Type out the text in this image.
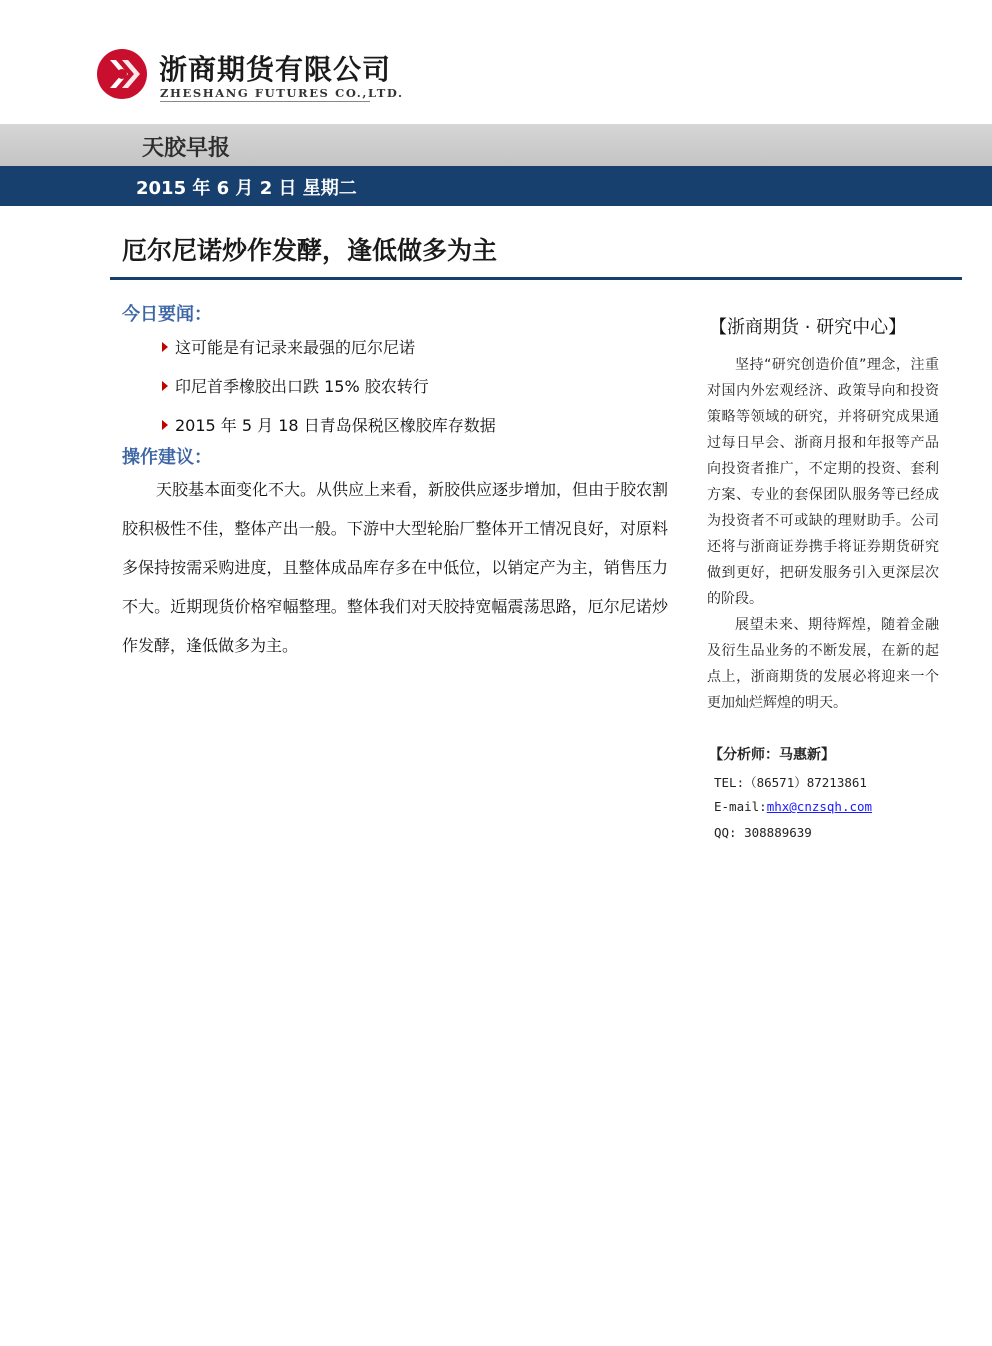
浙商期货有限公司
ZHESHANG FUTURES CO.,LTD.
天胶早报
2015 年 6 月 2 日 星期二
厄尔尼诺炒作发酵，逢低做多为主
今日要闻：
这可能是有记录来最强的厄尔尼诺
印尼首季橡胶出口跌 15% 胶农转行
2015 年 5 月 18 日青岛保税区橡胶库存数据
操作建议：
天胶基本面变化不大。从供应上来看，新胶供应逐步增加，但由于胶农割胶积极性不佳，整体产出一般。下游中大型轮胎厂整体开工情况良好，对原料多保持按需采购进度，且整体成品库存多在中低位，以销定产为主，销售压力不大。近期现货价格窄幅整理。整体我们对天胶持宽幅震荡思路，厄尔尼诺炒作发酵，逢低做多为主。
【浙商期货 · 研究中心】

坚持“研究创造价值”理念，注重对国内外宏观经济、政策导向和投资策略等领域的研究，并将研究成果通过每日早会、浙商月报和年报等产品向投资者推广，不定期的投资、套利方案、专业的套保团队服务等已经成为投资者不可或缺的理财助手。公司还将与浙商证券携手将证券期货研究做到更好，把研发服务引入更深层次的阶段。

展望未来、期待辉煌，随着金融及衍生品业务的不断发展，在新的起点上，浙商期货的发展必将迎来一个更加灿烂辉煌的明天。

【分析师：马惠新】
TEL:（86571）87213861
E-mail:mhx@cnzsqh.com
QQ: 308889639
